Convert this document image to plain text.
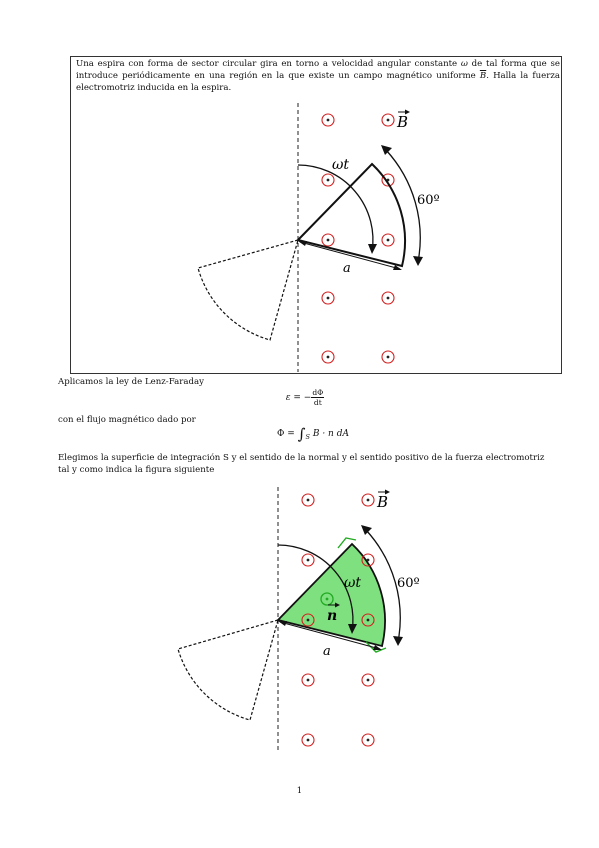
Una espira con forma de sector circular gira en torno a velocidad angular constante ω de tal forma que se introduce periódicamente en una región en la que existe un campo magnético uniforme $\overline{B}$. Halla la fuerza electromotriz inducida en la espira.
B
ωt
60º
a
Aplicamos la ley de Lenz-Faraday
ε = − $\frac{d\Phi}{dt}$
con el flujo magnético dado por
$\Phi = \int_S$ B · n dA
Elegimos la superficie de integración S y el sentido de la normal y el sentido positivo de la fuerza electromotriz tal y como indica la figura siguiente
B
ωt	60º
a
n
1
